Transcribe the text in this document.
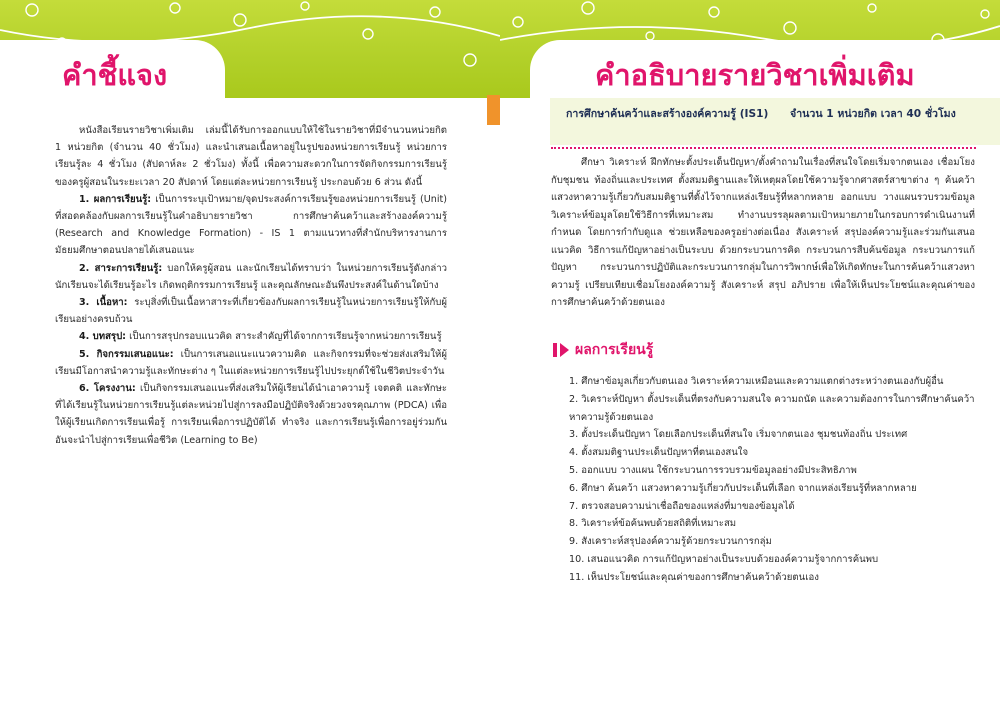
คำชี้แจง

หนังสือเรียนรายวิชาเพิ่มเติม เล่มนี้ได้รับการออกแบบให้ใช้ในรายวิชาที่มีจำนวนหน่วยกิต 1 หน่วยกิต (จำนวน 40 ชั่วโมง) และนำเสนอเนื้อหาอยู่ในรูปของหน่วยการเรียนรู้ หน่วยการเรียนรู้ละ 4 ชั่วโมง (สัปดาห์ละ 2 ชั่วโมง) ทั้งนี้ เพื่อความสะดวกในการจัดกิจกรรมการเรียนรู้ของครูผู้สอนในระยะเวลา 20 สัปดาห์ โดยแต่ละหน่วยการเรียนรู้ ประกอบด้วย 6 ส่วน ดังนี้

1. ผลการเรียนรู้: เป็นการระบุเป้าหมาย/จุดประสงค์การเรียนรู้ของหน่วยการเรียนรู้ (Unit) ที่สอดคล้องกับผลการเรียนรู้ในคำอธิบายรายวิชา การศึกษาค้นคว้าและสร้างองค์ความรู้ (Research and Knowledge Formation) - IS 1 ตามแนวทางที่สำนักบริหารงานการมัธยมศึกษาตอนปลายได้เสนอแนะ

2. สาระการเรียนรู้: บอกให้ครูผู้สอน และนักเรียนได้ทราบว่า ในหน่วยการเรียนรู้ดังกล่าว นักเรียนจะได้เรียนรู้อะไร เกิดพฤติกรรมการเรียนรู้ และคุณลักษณะอันพึงประสงค์ในด้านใดบ้าง

3. เนื้อหา: ระบุสิ่งที่เป็นเนื้อหาสาระที่เกี่ยวข้องกับผลการเรียนรู้ในหน่วยการเรียนรู้ให้กับผู้เรียนอย่างครบถ้วน

4. บทสรุป: เป็นการสรุปกรอบแนวคิด สาระสำคัญที่ได้จากการเรียนรู้จากหน่วยการเรียนรู้

5. กิจกรรมเสนอแนะ: เป็นการเสนอแนะแนวความคิด และกิจกรรมที่จะช่วยส่งเสริมให้ผู้เรียนมีโอกาสนำความรู้และทักษะต่าง ๆ ในแต่ละหน่วยการเรียนรู้ไปประยุกต์ใช้ในชีวิตประจำวัน

6. โครงงาน: เป็นกิจกรรมเสนอแนะที่ส่งเสริมให้ผู้เรียนได้นำเอาความรู้ เจตคติ และทักษะที่ได้เรียนรู้ในหน่วยการเรียนรู้แต่ละหน่วยไปสู่การลงมือปฏิบัติจริงด้วยวงจรคุณภาพ (PDCA) เพื่อให้ผู้เรียนเกิดการเรียนเพื่อรู้ การเรียนเพื่อการปฏิบัติได้ ทำจริง และการเรียนรู้เพื่อการอยู่ร่วมกัน อันจะนำไปสู่การเรียนเพื่อชีวิต (Learning to Be)

คำอธิบายรายวิชาเพิ่มเติม
การศึกษาค้นคว้าและสร้างองค์ความรู้ (IS1)	จำนวน 1 หน่วยกิต เวลา 40 ชั่วโมง

ศึกษา วิเคราะห์ ฝึกทักษะตั้งประเด็นปัญหา/ตั้งคำถามในเรื่องที่สนใจโดยเริ่มจากตนเอง เชื่อมโยงกับชุมชน ท้องถิ่นและประเทศ ตั้งสมมติฐานและให้เหตุผลโดยใช้ความรู้จากศาสตร์สาขาต่าง ๆ ค้นคว้าแสวงหาความรู้เกี่ยวกับสมมติฐานที่ตั้งไว้จากแหล่งเรียนรู้ที่หลากหลาย ออกแบบ วางแผนรวบรวมข้อมูล วิเคราะห์ข้อมูลโดยใช้วิธีการที่เหมาะสม ทำงานบรรลุผลตามเป้าหมายภายในกรอบการดำเนินงานที่กำหนด โดยการกำกับดูแล ช่วยเหลือของครูอย่างต่อเนื่อง สังเคราะห์ สรุปองค์ความรู้และร่วมกันเสนอแนวคิด วิธีการแก้ปัญหาอย่างเป็นระบบ ด้วยกระบวนการคิด กระบวนการสืบค้นข้อมูล กระบวนการแก้ปัญหา กระบวนการปฏิบัติและกระบวนการกลุ่มในการวิพากษ์เพื่อให้เกิดทักษะในการค้นคว้าแสวงหาความรู้ เปรียบเทียบเชื่อมโยงองค์ความรู้ สังเคราะห์ สรุป อภิปราย เพื่อให้เห็นประโยชน์และคุณค่าของการศึกษาค้นคว้าด้วยตนเอง

ผลการเรียนรู้
1. ศึกษาข้อมูลเกี่ยวกับตนเอง วิเคราะห์ความเหมือนและความแตกต่างระหว่างตนเองกับผู้อื่น
2. วิเคราะห์ปัญหา ตั้งประเด็นที่ตรงกับความสนใจ ความถนัด และความต้องการในการศึกษาค้นคว้าหาความรู้ด้วยตนเอง
3. ตั้งประเด็นปัญหา โดยเลือกประเด็นที่สนใจ เริ่มจากตนเอง ชุมชนท้องถิ่น ประเทศ
4. ตั้งสมมติฐานประเด็นปัญหาที่ตนเองสนใจ
5. ออกแบบ วางแผน ใช้กระบวนการรวบรวมข้อมูลอย่างมีประสิทธิภาพ
6. ศึกษา ค้นคว้า แสวงหาความรู้เกี่ยวกับประเด็นที่เลือก จากแหล่งเรียนรู้ที่หลากหลาย
7. ตรวจสอบความน่าเชื่อถือของแหล่งที่มาของข้อมูลได้
8. วิเคราะห์ข้อค้นพบด้วยสถิติที่เหมาะสม
9. สังเคราะห์สรุปองค์ความรู้ด้วยกระบวนการกลุ่ม
10. เสนอแนวคิด การแก้ปัญหาอย่างเป็นระบบด้วยองค์ความรู้จากการค้นพบ
11. เห็นประโยชน์และคุณค่าของการศึกษาค้นคว้าด้วยตนเอง
